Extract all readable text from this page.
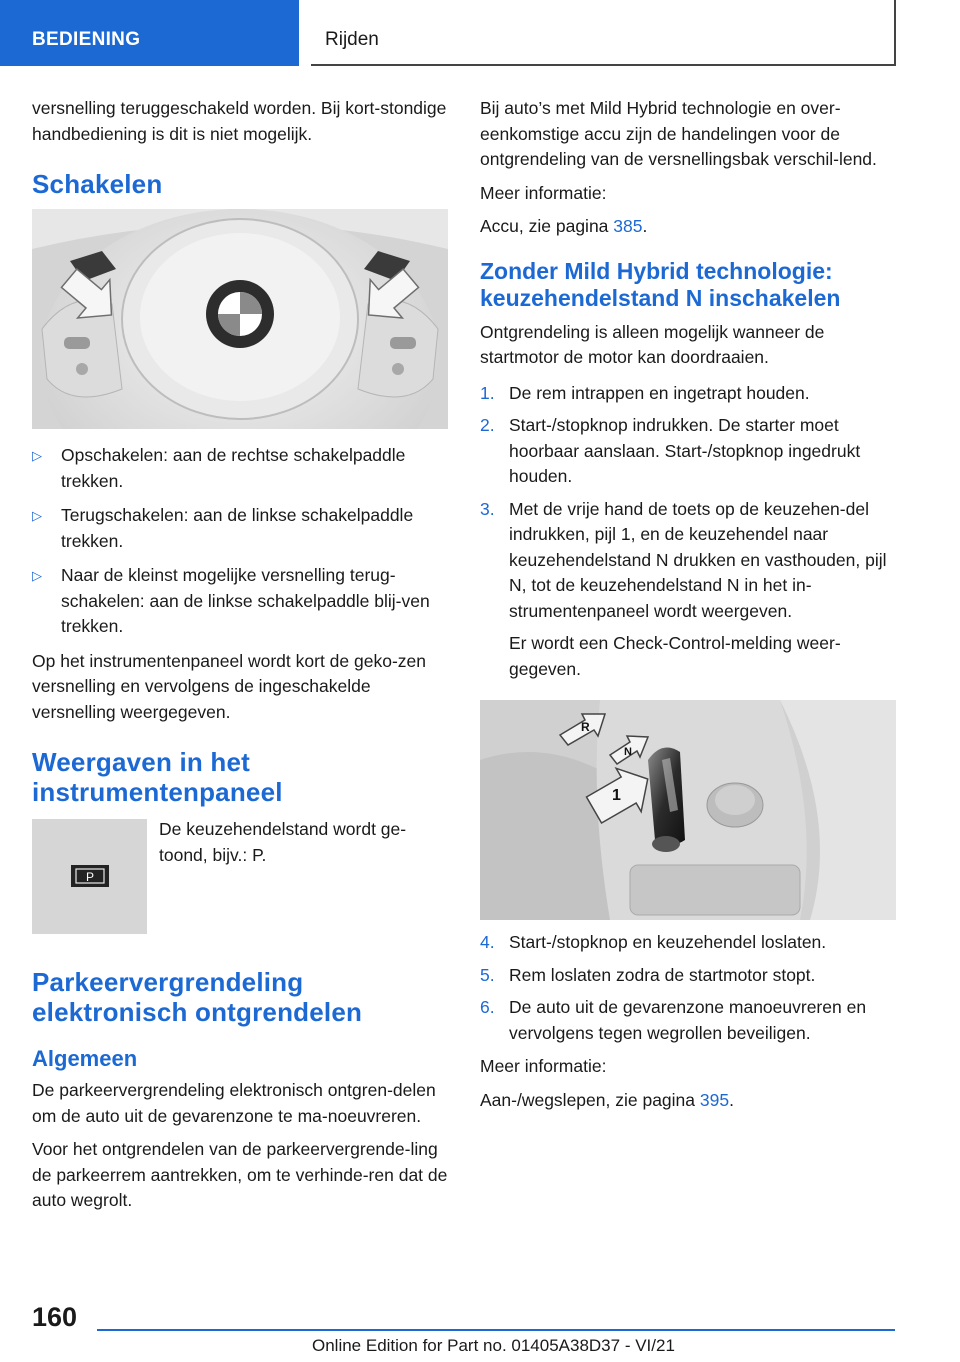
BEDIENING	Rijden

versnelling teruggeschakeld worden. Bij kort-stondige handbediening is dit is niet mogelijk.

Schakelen
▷ Opschakelen: aan de rechtse schakelpaddle trekken.
▷ Terugschakelen: aan de linkse schakelpaddle trekken.
▷ Naar de kleinst mogelijke versnelling terug-schakelen: aan de linkse schakelpaddle blij-ven trekken.

Op het instrumentenpaneel wordt kort de geko-zen versnelling en vervolgens de ingeschakelde versnelling weergegeven.

Weergaven in het instrumentenpaneel
P

De keuzehendelstand wordt ge-toond, bijv.: P.

Parkeervergrendeling elektronisch ontgrendelen
Algemeen

De parkeervergrendeling elektronisch ontgren-delen om de auto uit de gevarenzone te ma-noeuvreren.

Voor het ontgrendelen van de parkeervergrende-ling de parkeerrem aantrekken, om te verhinde-ren dat de auto wegrolt.

Bij auto’s met Mild Hybrid technologie en over-eenkomstige accu zijn de handelingen voor de ontgrendeling van de versnellingsbak verschil-lend.

Meer informatie:

Accu, zie pagina 385.

Zonder Mild Hybrid technologie: keuzehendelstand N inschakelen

Ontgrendeling is alleen mogelijk wanneer de startmotor de motor kan doordraaien.

1. De rem intrappen en ingetrapt houden.
2. Start-/stopknop indrukken. De starter moet hoorbaar aanslaan. Start-/stopknop ingedrukt houden.
3. Met de vrije hand de toets op de keuzehen-del indrukken, pijl 1, en de keuzehendel naar keuzehendelstand N drukken en vasthouden, pijl N, tot de keuzehendelstand N in het in-strumentenpaneel wordt weergeven.
Er wordt een Check-Control-melding weer-gegeven.
R
N
1
4. Start-/stopknop en keuzehendel loslaten.
5. Rem loslaten zodra de startmotor stopt.
6. De auto uit de gevarenzone manoeuvreren en vervolgens tegen wegrollen beveiligen.

Meer informatie:

Aan-/wegslepen, zie pagina 395.

160
Online Edition for Part no. 01405A38D37 - VI/21
